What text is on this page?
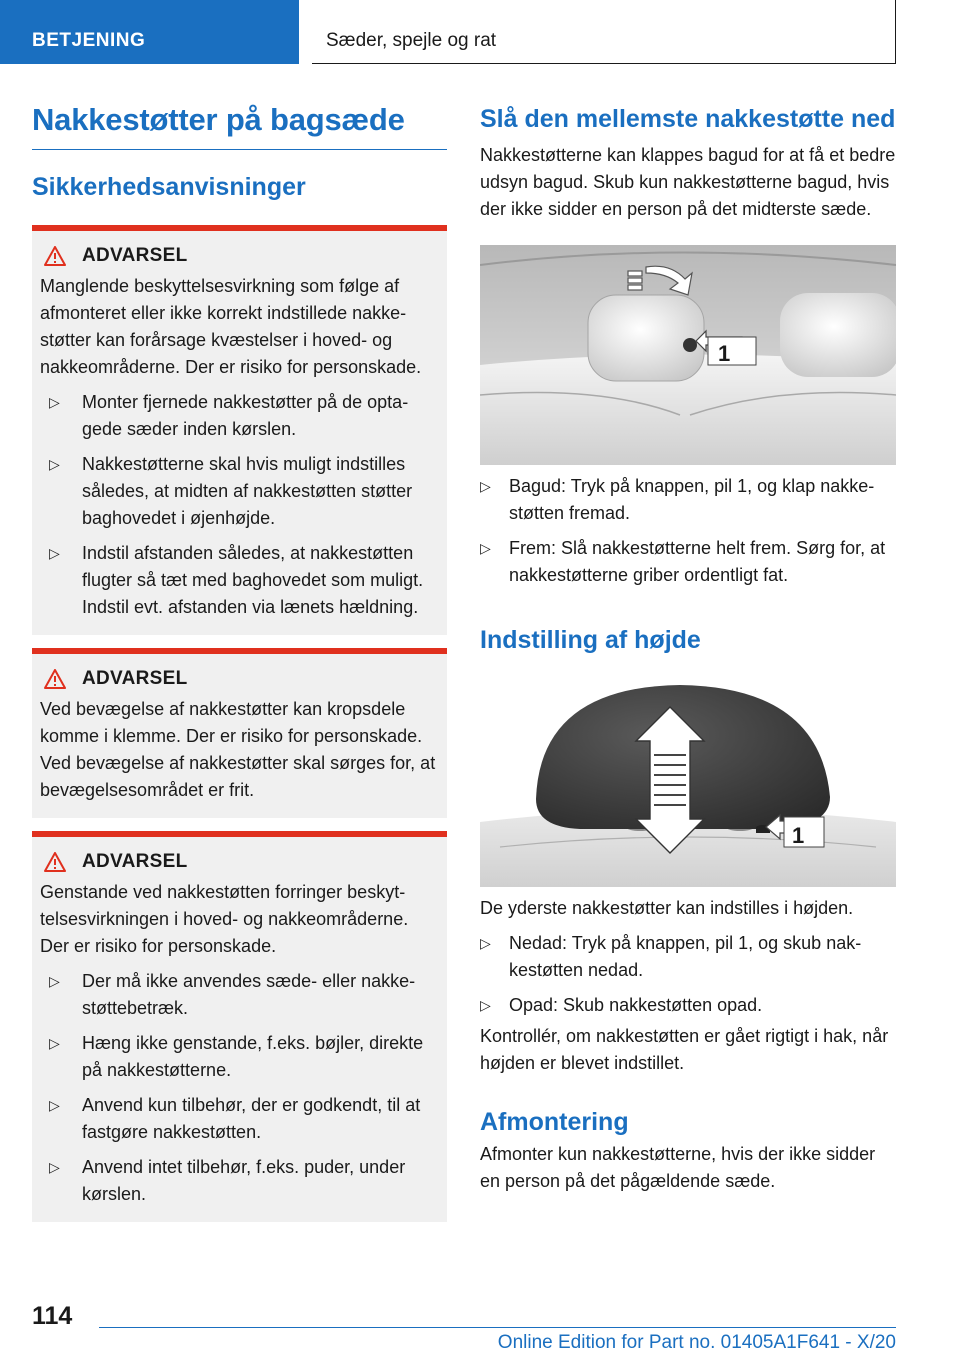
BETJENING	Sæder, spejle og rat
Nakkestøtter på bagsæde
Sikkerhedsanvisninger
ADVARSEL

Manglende beskyttelsesvirkning som følge af afmonteret eller ikke korrekt indstillede nakkestøtter kan forårsage kvæstelser i hoved- og nakkeområderne. Der er risiko for personskade.

▷ Monter fjernede nakkestøtter på de optagede sæder inden kørslen.
▷ Nakkestøtterne skal hvis muligt indstilles således, at midten af nakkestøtten støtter baghovedet i øjenhøjde.
▷ Indstil afstanden således, at nakkestøtten flugter så tæt med baghovedet som muligt. Indstil evt. afstanden via lænets hældning.
ADVARSEL

Ved bevægelse af nakkestøtter kan kropsdele komme i klemme. Der er risiko for personskade. Ved bevægelse af nakkestøtter skal sørges for, at bevægelsesområdet er frit.

ADVARSEL

Genstande ved nakkestøtten forringer beskyttelsesvirkningen i hoved- og nakkeområderne. Der er risiko for personskade.

▷ Der må ikke anvendes sæde- eller nakkestøttebetræk.
▷ Hæng ikke genstande, f.eks. bøjler, direkte på nakkestøtterne.
▷ Anvend kun tilbehør, der er godkendt, til at fastgøre nakkestøtten.
▷ Anvend intet tilbehør, f.eks. puder, under kørslen.
Slå den mellemste nakkestøtte ned

Nakkestøtterne kan klappes bagud for at få et bedre udsyn bagud. Skub kun nakkestøtterne bagud, hvis der ikke sidder en person på det midterste sæde.

1
▷ Bagud: Tryk på knappen, pil 1, og klap nakkestøtten fremad.
▷ Frem: Slå nakkestøtterne helt frem. Sørg for, at nakkestøtterne griber ordentligt fat.
Indstilling af højde
1

De yderste nakkestøtter kan indstilles i højden.

▷ Nedad: Tryk på knappen, pil 1, og skub nakkestøtten nedad.
▷ Opad: Skub nakkestøtten opad.

Kontrollér, om nakkestøtten er gået rigtigt i hak, når højden er blevet indstillet.

Afmontering

Afmonter kun nakkestøtterne, hvis der ikke sidder en person på det pågældende sæde.

114
Online Edition for Part no. 01405A1F641 - X/20
